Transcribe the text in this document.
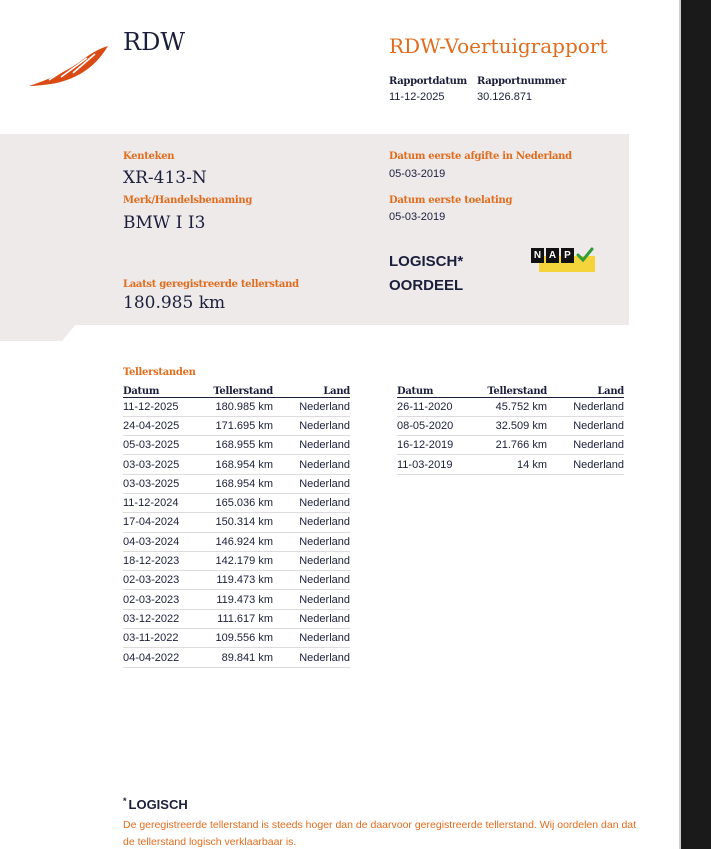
RDW	RDW-Voertuigrapport
Rapportdatum
11-12-2025
Rapportnummer
30.126.871
Kenteken
XR-413-N
Merk/Handelsbenaming
BMW I I3
Laatst geregistreerde tellerstand
180.985 km
Datum eerste afgifte in Nederland
05-03-2019
Datum eerste toelating
05-03-2019
LOGISCH*
OORDEEL
N A P
Tellerstanden
Datum	Tellerstand	Land
11-12-2025	180.985 km	Nederland
24-04-2025	171.695 km	Nederland
05-03-2025	168.955 km	Nederland
03-03-2025	168.954 km	Nederland
03-03-2025	168.954 km	Nederland
11-12-2024	165.036 km	Nederland
17-04-2024	150.314 km	Nederland
04-03-2024	146.924 km	Nederland
18-12-2023	142.179 km	Nederland
02-03-2023	119.473 km	Nederland
02-03-2023	119.473 km	Nederland
03-12-2022	111.617 km	Nederland
03-11-2022	109.556 km	Nederland
04-04-2022	89.841 km	Nederland
Datum	Tellerstand	Land
26-11-2020	45.752 km	Nederland
08-05-2020	32.509 km	Nederland
16-12-2019	21.766 km	Nederland
11-03-2019	14 km	Nederland
* LOGISCH
De geregistreerde tellerstand is steeds hoger dan de daarvoor geregistreerde tellerstand. Wij oordelen dan dat de tellerstand logisch verklaarbaar is.
